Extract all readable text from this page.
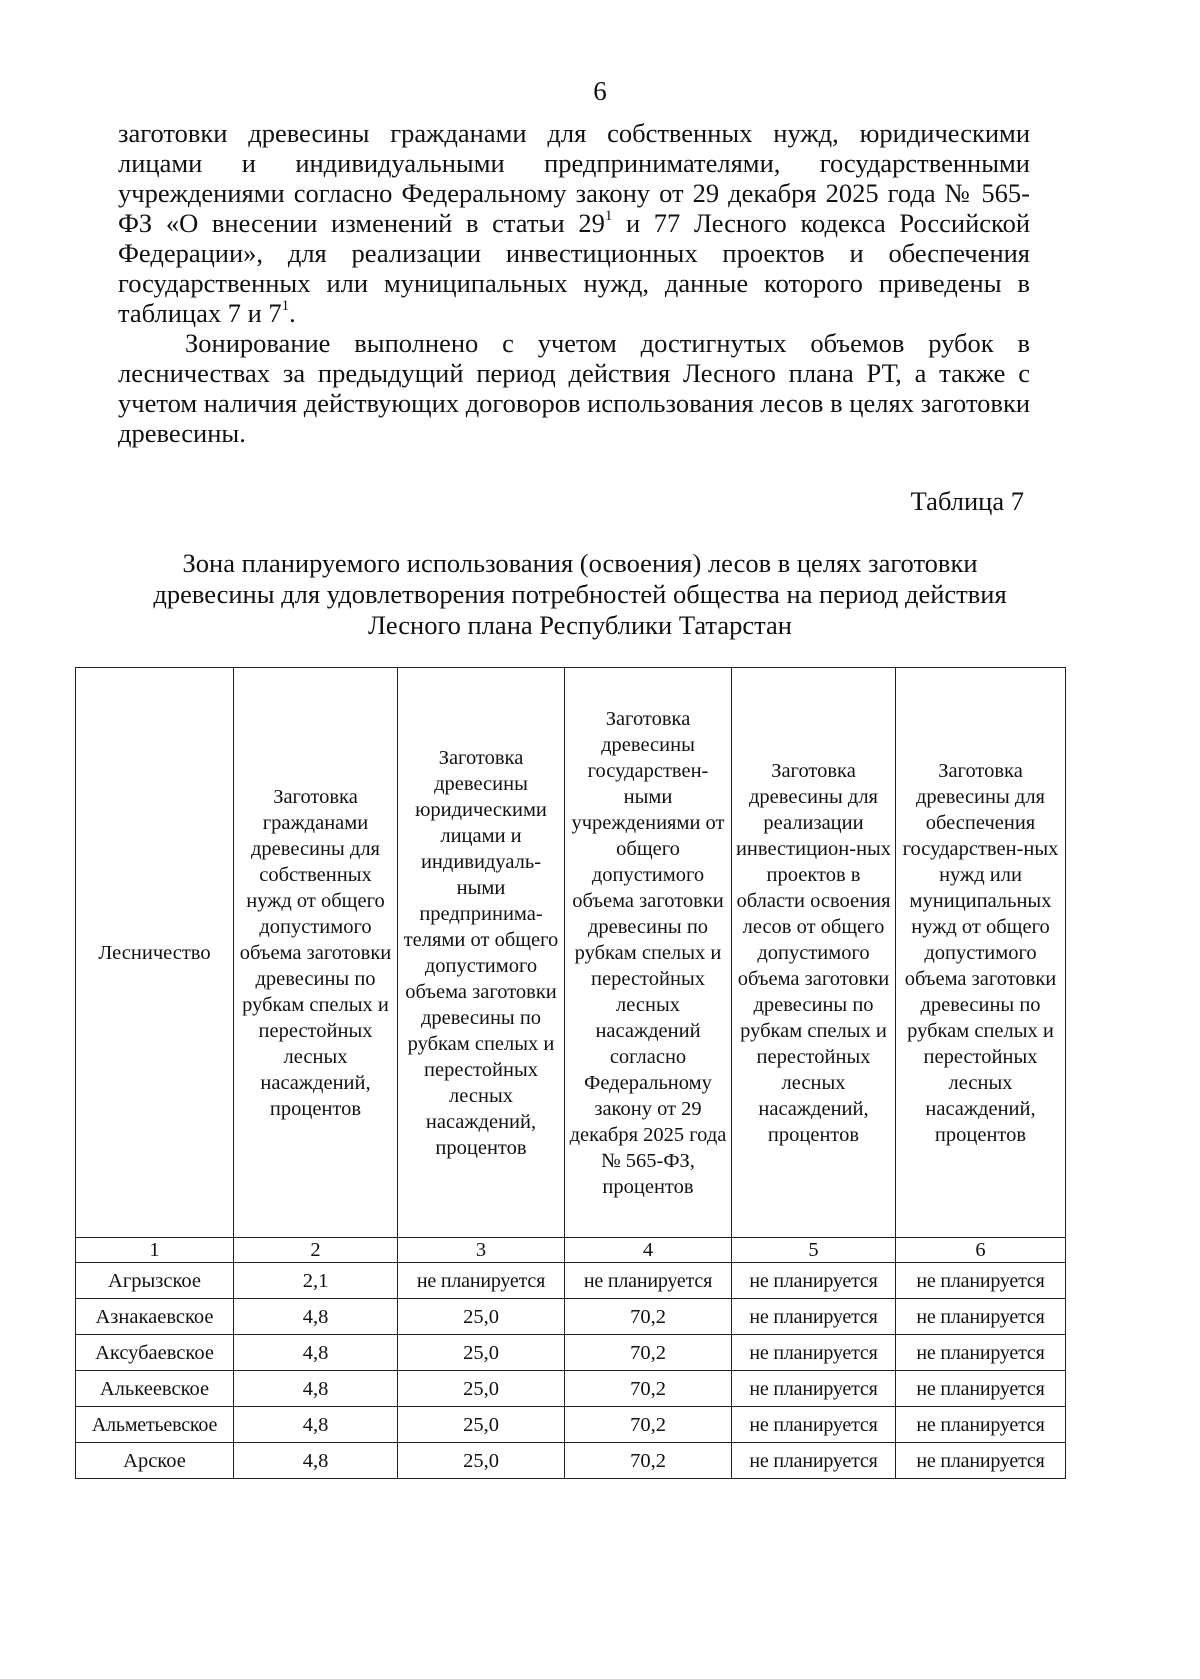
6

заготовки древесины гражданами для собственных нужд, юридическими лицами и индивидуальными предпринимателями, государственными учреждениями согласно Федеральному закону от 29 декабря 2025 года № 565-ФЗ «О внесении изменений в статьи $29^1$ и 77 Лесного кодекса Российской Федерации», для реализации инвестиционных проектов и обеспечения государственных или муниципальных нужд, данные которого приведены в таблицах 7 и $7^1$.

Зонирование выполнено с учетом достигнутых объемов рубок в лесничествах за предыдущий период действия Лесного плана РТ, а также с учетом наличия действующих договоров использования лесов в целях заготовки древесины.

Таблица 7
Зона планируемого использования (освоения) лесов в целях заготовки
древесины для удовлетворения потребностей общества на период действия
Лесного плана Республики Татарстан
Лесничество	Заготовка гражданами древесины для собственных нужд от общего допустимого объема заготовки древесины по рубкам спелых и перестойных лесных насаждений, процентов	Заготовка древесины юридическими лицами и индивидуаль-ными предпринима-телями от общего допустимого объема заготовки древесины по рубкам спелых и перестойных лесных насаждений, процентов	Заготовка древесины государствен-ными учреждениями от общего допустимого объема заготовки древесины по рубкам спелых и перестойных лесных насаждений согласно Федеральному закону от 29 декабря 2025 года № 565-ФЗ, процентов	Заготовка древесины для реализации инвестицион-ных проектов в области освоения лесов от общего допустимого объема заготовки древесины по рубкам спелых и перестойных лесных насаждений, процентов	Заготовка древесины для обеспечения государствен-ных нужд или муниципальных нужд от общего допустимого объема заготовки древесины по рубкам спелых и перестойных лесных насаждений, процентов
1	2	3	4	5	6
Агрызское	2,1	не планируется	не планируется	не планируется	не планируется
Азнакаевское	4,8	25,0	70,2	не планируется	не планируется
Аксубаевское	4,8	25,0	70,2	не планируется	не планируется
Алькеевское	4,8	25,0	70,2	не планируется	не планируется
Альметьевское	4,8	25,0	70,2	не планируется	не планируется
Арское	4,8	25,0	70,2	не планируется	не планируется
